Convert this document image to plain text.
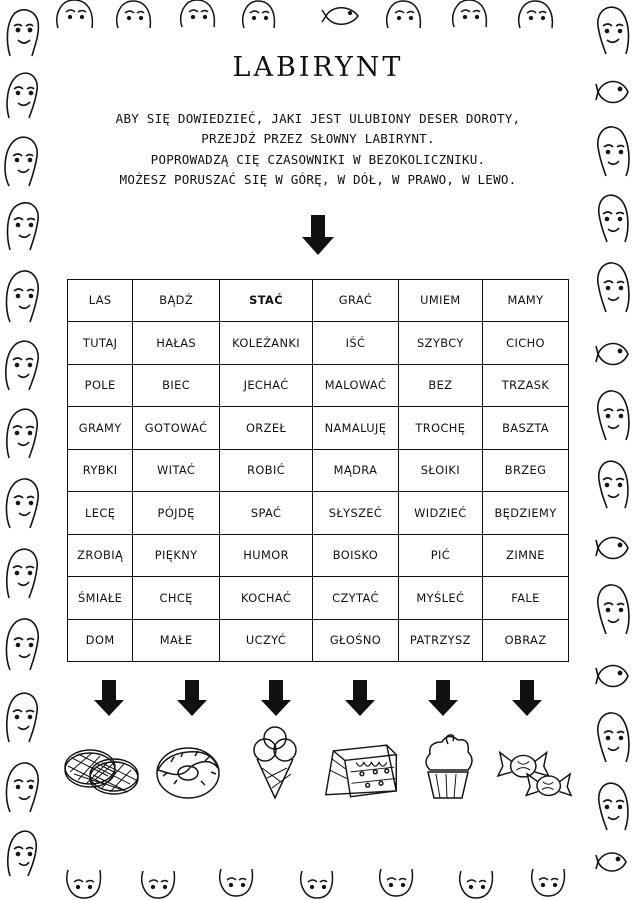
LABIRYNT
ABY SIĘ DOWIEDZIEĆ, JAKI JEST ULUBIONY DESER DOROTY,
PRZEJDŹ PRZEZ SŁOWNY LABIRYNT.
POPROWADZĄ CIĘ CZASOWNIKI W BEZOKOLICZNIKU.
MOŻESZ PORUSZAĆ SIĘ W GÓRĘ, W DÓŁ, W PRAWO, W LEWO.
LAS	BĄDŹ	STAĆ	GRAĆ	UMIEM	MAMY
TUTAJ	HAŁAS	KOLEŻANKI	IŚĆ	SZYBCY	CICHO
POLE	BIEC	JECHAĆ	MALOWAĆ	BEZ	TRZASK
GRAMY	GOTOWAĆ	ORZEŁ	NAMALUJĘ	TROCHĘ	BASZTA
RYBKI	WITAĆ	ROBIĆ	MĄDRA	SŁOIKI	BRZEG
LECĘ	PÓJDĘ	SPAĆ	SŁYSZEĆ	WIDZIEĆ	BĘDZIEMY
ZROBIĄ	PIĘKNY	HUMOR	BOISKO	PIĆ	ZIMNE
ŚMIAŁE	CHCĘ	KOCHAĆ	CZYTAĆ	MYŚLEĆ	FALE
DOM	MAŁE	UCZYĆ	GŁOŚNO	PATRZYSZ	OBRAZ
